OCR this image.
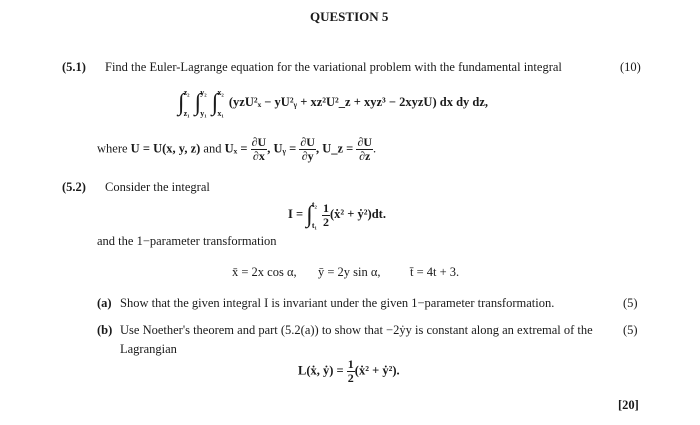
QUESTION 5
(5.1) Find the Euler-Lagrange equation for the variational problem with the fundamental integral	(10)
∫ z₂
z₁ ∫ y₂
y₁ ∫ x₂
x₁
(yzU²ₓ − yU²ᵧ + xz²U²_z + xyz³ − 2xyzU) dx dy dz,
where U = U(x, y, z) and $U_x = \frac{\partial U}{\partial x}$ , Uᵧ = $\frac{\partial U}{\partial y}$ , U_z = $\frac{\partial U}{\partial z}$ .
(5.2) Consider the integral
I = ∫ t₂
t₁
$\frac{1}{2}$ (ẋ² + ẏ²)dt.
and the 1−parameter transformation
x̄ = 2x cos α, ȳ = 2y sin α, t̄ = 4t + 3.
(a) Show that the given integral I is invariant under the given 1−parameter transformation.	(5)
(b) Use Noether's theorem and part (5.2(a)) to show that −2ẏy is constant along an extremal of the (5)
Lagrangian
L(ẋ, ẏ) = $\frac{1}{2}$ (ẋ² + ẏ²).
[20]
